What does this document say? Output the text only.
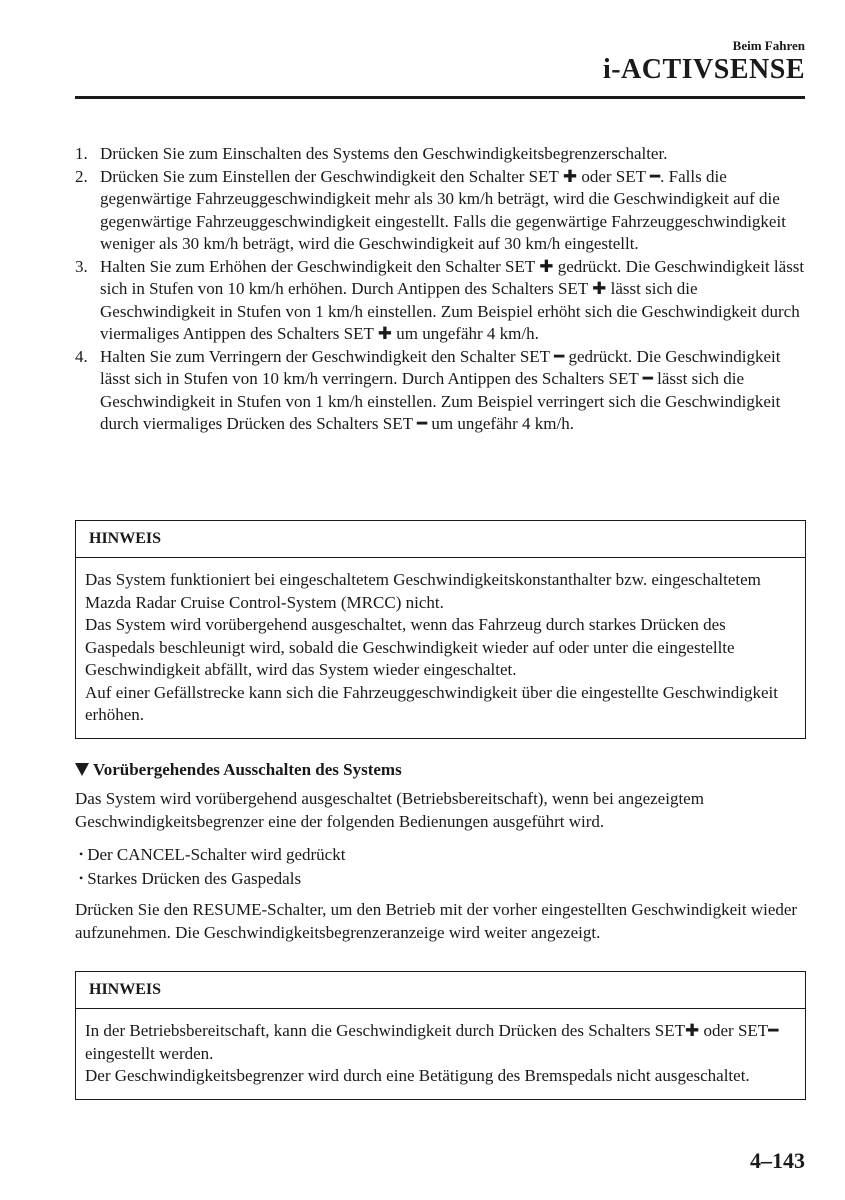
Beim Fahren
i-ACTIVSENSE
1. Drücken Sie zum Einschalten des Systems den Geschwindigkeitsbegrenzerschalter.
2. Drücken Sie zum Einstellen der Geschwindigkeit den Schalter SET ✚ oder SET ━. Falls die gegenwärtige Fahrzeuggeschwindigkeit mehr als 30 km/h beträgt, wird die Geschwindigkeit auf die gegenwärtige Fahrzeuggeschwindigkeit eingestellt. Falls die gegenwärtige Fahrzeuggeschwindigkeit weniger als 30 km/h beträgt, wird die Geschwindigkeit auf 30 km/h eingestellt.
3. Halten Sie zum Erhöhen der Geschwindigkeit den Schalter SET ✚ gedrückt. Die Geschwindigkeit lässt sich in Stufen von 10 km/h erhöhen. Durch Antippen des Schalters SET ✚ lässt sich die Geschwindigkeit in Stufen von 1 km/h einstellen. Zum Beispiel erhöht sich die Geschwindigkeit durch viermaliges Antippen des Schalters SET ✚ um ungefähr 4 km/h.
4. Halten Sie zum Verringern der Geschwindigkeit den Schalter SET ━ gedrückt. Die Geschwindigkeit lässt sich in Stufen von 10 km/h verringern. Durch Antippen des Schalters SET ━ lässt sich die Geschwindigkeit in Stufen von 1 km/h einstellen. Zum Beispiel verringert sich die Geschwindigkeit durch viermaliges Drücken des Schalters SET ━ um ungefähr 4 km/h.
HINWEIS
Das System funktioniert bei eingeschaltetem Geschwindigkeitskonstanthalter bzw. eingeschaltetem Mazda Radar Cruise Control-System (MRCC) nicht.
Das System wird vorübergehend ausgeschaltet, wenn das Fahrzeug durch starkes Drücken des Gaspedals beschleunigt wird, sobald die Geschwindigkeit wieder auf oder unter die eingestellte Geschwindigkeit abfällt, wird das System wieder eingeschaltet.
Auf einer Gefällstrecke kann sich die Fahrzeuggeschwindigkeit über die eingestellte Geschwindigkeit erhöhen.
Vorübergehendes Ausschalten des Systems

Das System wird vorübergehend ausgeschaltet (Betriebsbereitschaft), wenn bei angezeigtem Geschwindigkeitsbegrenzer eine der folgenden Bedienungen ausgeführt wird.

• Der CANCEL-Schalter wird gedrückt
• Starkes Drücken des Gaspedals

Drücken Sie den RESUME-Schalter, um den Betrieb mit der vorher eingestellten Geschwindigkeit wieder aufzunehmen. Die Geschwindigkeitsbegrenzeranzeige wird weiter angezeigt.

HINWEIS
In der Betriebsbereitschaft, kann die Geschwindigkeit durch Drücken des Schalters SET✚ oder SET━ eingestellt werden.
Der Geschwindigkeitsbegrenzer wird durch eine Betätigung des Bremspedals nicht ausgeschaltet.
4–143
